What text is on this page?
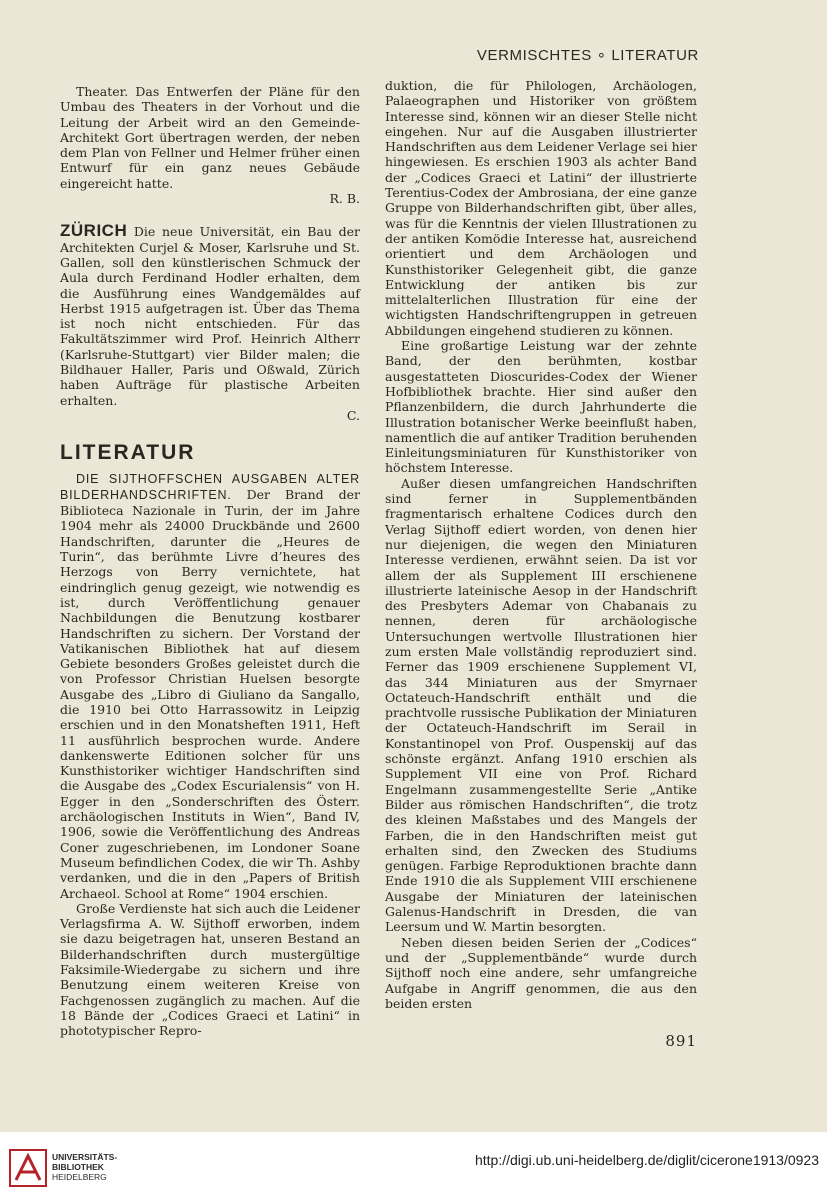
VERMISCHTES ∘ LITERATUR

Theater. Das Entwerfen der Pläne für den Umbau des Theaters in der Vorhout und die Leitung der Arbeit wird an den Gemeinde-Architekt Gort übertragen werden, der neben dem Plan von Fellner und Helmer früher einen Entwurf für ein ganz neues Gebäude eingereicht hatte.

R. B.

ZÜRICH Die neue Universität, ein Bau der Architekten Curjel & Moser, Karlsruhe und St. Gallen, soll den künstlerischen Schmuck der Aula durch Ferdinand Hodler erhalten, dem die Ausführung eines Wandgemäldes auf Herbst 1915 aufgetragen ist. Über das Thema ist noch nicht entschieden. Für das Fakultätszimmer wird Prof. Heinrich Altherr (Karlsruhe-Stuttgart) vier Bilder malen; die Bildhauer Haller, Paris und Oßwald, Zürich haben Aufträge für plastische Arbeiten erhalten.

C.
LITERATUR

DIE SIJTHOFFSCHEN AUSGABEN ALTER BILDERHANDSCHRIFTEN. Der Brand der Biblioteca Nazionale in Turin, der im Jahre 1904 mehr als 24000 Druckbände und 2600 Handschriften, darunter die „Heures de Turin“, das berühmte Livre d’heures des Herzogs von Berry vernichtete, hat eindringlich genug gezeigt, wie notwendig es ist, durch Veröffentlichung genauer Nachbildungen die Benutzung kostbarer Handschriften zu sichern. Der Vorstand der Vatikanischen Bibliothek hat auf diesem Gebiete besonders Großes geleistet durch die von Professor Christian Huelsen besorgte Ausgabe des „Libro di Giuliano da Sangallo, die 1910 bei Otto Harrassowitz in Leipzig erschien und in den Monatsheften 1911, Heft 11 ausführlich besprochen wurde. Andere dankenswerte Editionen solcher für uns Kunsthistoriker wichtiger Handschriften sind die Ausgabe des „Codex Escurialensis“ von H. Egger in den „Sonderschriften des Österr. archäologischen Instituts in Wien“, Band IV, 1906, sowie die Veröffentlichung des Andreas Coner zugeschriebenen, im Londoner Soane Museum befindlichen Codex, die wir Th. Ashby verdanken, und die in den „Papers of British Archaeol. School at Rome“ 1904 erschien.

Große Verdienste hat sich auch die Leidener Verlagsfirma A. W. Sijthoff erworben, indem sie dazu beigetragen hat, unseren Bestand an Bilderhandschriften durch mustergültige Faksimile-Wiedergabe zu sichern und ihre Benutzung einem weiteren Kreise von Fachgenossen zugänglich zu machen. Auf die 18 Bände der „Codices Graeci et Latini“ in phototypischer Repro-

duktion, die für Philologen, Archäologen, Palaeographen und Historiker von größtem Interesse sind, können wir an dieser Stelle nicht eingehen. Nur auf die Ausgaben illustrierter Handschriften aus dem Leidener Verlage sei hier hingewiesen. Es erschien 1903 als achter Band der „Codices Graeci et Latini“ der illustrierte Terentius-Codex der Ambrosiana, der eine ganze Gruppe von Bilderhandschriften gibt, über alles, was für die Kenntnis der vielen Illustrationen zu der antiken Komödie Interesse hat, ausreichend orientiert und dem Archäologen und Kunsthistoriker Gelegenheit gibt, die ganze Entwicklung der antiken bis zur mittelalterlichen Illustration für eine der wichtigsten Handschriftengruppen in getreuen Abbildungen eingehend studieren zu können.

Eine großartige Leistung war der zehnte Band, der den berühmten, kostbar ausgestatteten Dioscurides-Codex der Wiener Hofbibliothek brachte. Hier sind außer den Pflanzenbildern, die durch Jahrhunderte die Illustration botanischer Werke beeinflußt haben, namentlich die auf antiker Tradition beruhenden Einleitungsminiaturen für Kunsthistoriker von höchstem Interesse.

Außer diesen umfangreichen Handschriften sind ferner in Supplementbänden fragmentarisch erhaltene Codices durch den Verlag Sijthoff ediert worden, von denen hier nur diejenigen, die wegen den Miniaturen Interesse verdienen, erwähnt seien. Da ist vor allem der als Supplement III erschienene illustrierte lateinische Aesop in der Handschrift des Presbyters Ademar von Chabanais zu nennen, deren für archäologische Untersuchungen wertvolle Illustrationen hier zum ersten Male vollständig reproduziert sind. Ferner das 1909 erschienene Supplement VI, das 344 Miniaturen aus der Smyrnaer Octateuch-Handschrift enthält und die prachtvolle russische Publikation der Miniaturen der Octateuch-Handschrift im Serail in Konstantinopel von Prof. Ouspenskij auf das schönste ergänzt. Anfang 1910 erschien als Supplement VII eine von Prof. Richard Engelmann zusammengestellte Serie „Antike Bilder aus römischen Handschriften“, die trotz des kleinen Maßstabes und des Mangels der Farben, die in den Handschriften meist gut erhalten sind, den Zwecken des Studiums genügen. Farbige Reproduktionen brachte dann Ende 1910 die als Supplement VIII erschienene Ausgabe der Miniaturen der lateinischen Galenus-Handschrift in Dresden, die van Leersum und W. Martin besorgten.

Neben diesen beiden Serien der „Codices“ und der „Supplementbände“ wurde durch Sijthoff noch eine andere, sehr umfangreiche Aufgabe in Angriff genommen, die aus den beiden ersten

891
UNIVERSITÄTS-
BIBLIOTHEK
HEIDELBERG
http://digi.ub.uni-heidelberg.de/diglit/cicerone1913/0923
